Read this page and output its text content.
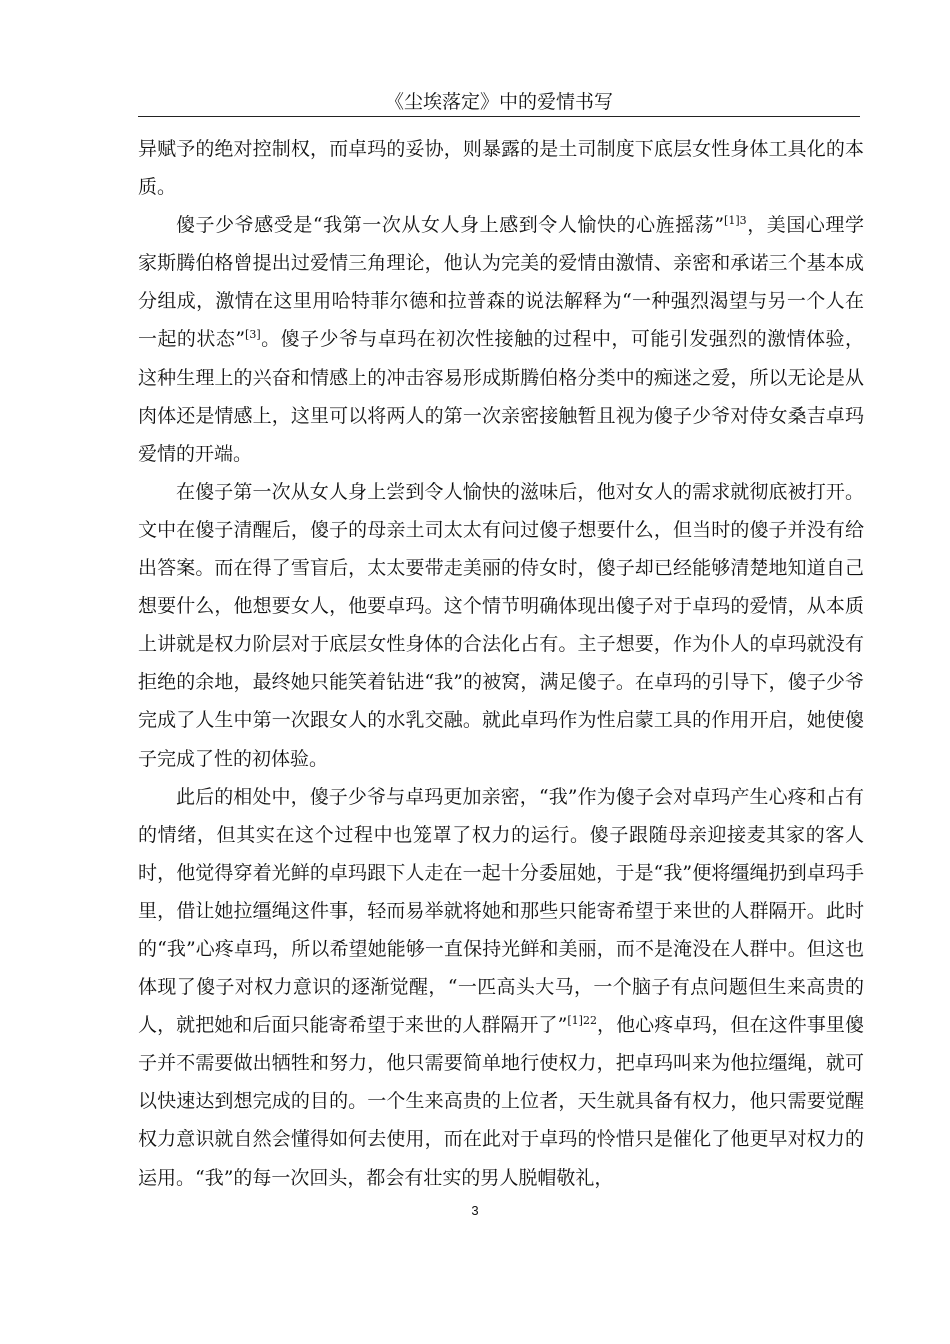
《尘埃落定》中的爱情书写

异赋予的绝对控制权，而卓玛的妥协，则暴露的是土司制度下底层女性身体工具化的本质。

傻子少爷感受是“我第一次从女人身上感到令人愉快的心旌摇荡”$^{[1]3}$，美国心理学家斯腾伯格曾提出过爱情三角理论，他认为完美的爱情由激情、亲密和承诺三个基本成分组成，激情在这里用哈特菲尔德和拉普森的说法解释为“一种强烈渴望与另一个人在一起的状态”[3]。傻子少爷与卓玛在初次性接触的过程中，可能引发强烈的激情体验，这种生理上的兴奋和情感上的冲击容易形成斯腾伯格分类中的痴迷之爱，所以无论是从肉体还是情感上，这里可以将两人的第一次亲密接触暂且视为傻子少爷对侍女桑吉卓玛爱情的开端。

在傻子第一次从女人身上尝到令人愉快的滋味后，他对女人的需求就彻底被打开。文中在傻子清醒后，傻子的母亲土司太太有问过傻子想要什么，但当时的傻子并没有给出答案。而在得了雪盲后，太太要带走美丽的侍女时，傻子却已经能够清楚地知道自己想要什么，他想要女人，他要卓玛。这个情节明确体现出傻子对于卓玛的爱情，从本质上讲就是权力阶层对于底层女性身体的合法化占有。主子想要，作为仆人的卓玛就没有拒绝的余地，最终她只能笑着钻进“我”的被窝，满足傻子。在卓玛的引导下，傻子少爷完成了人生中第一次跟女人的水乳交融。就此卓玛作为性启蒙工具的作用开启，她使傻子完成了性的初体验。

此后的相处中，傻子少爷与卓玛更加亲密，“我”作为傻子会对卓玛产生心疼和占有的情绪，但其实在这个过程中也笼罩了权力的运行。傻子跟随母亲迎接麦其家的客人时，他觉得穿着光鲜的卓玛跟下人走在一起十分委屈她，于是“我”便将缰绳扔到卓玛手里，借让她拉缰绳这件事，轻而易举就将她和那些只能寄希望于来世的人群隔开。此时的“我”心疼卓玛，所以希望她能够一直保持光鲜和美丽，而不是淹没在人群中。但这也体现了傻子对权力意识的逐渐觉醒，“一匹高头大马，一个脑子有点问题但生来高贵的人，就把她和后面只能寄希望于来世的人群隔开了”$^{[1]22}$，他心疼卓玛，但在这件事里傻子并不需要做出牺牲和努力，他只需要简单地行使权力，把卓玛叫来为他拉缰绳，就可以快速达到想完成的目的。一个生来高贵的上位者，天生就具备有权力，他只需要觉醒权力意识就自然会懂得如何去使用，而在此对于卓玛的怜惜只是催化了他更早对权力的运用。“我”的每一次回头，都会有壮实的男人脱帽敬礼，

3
